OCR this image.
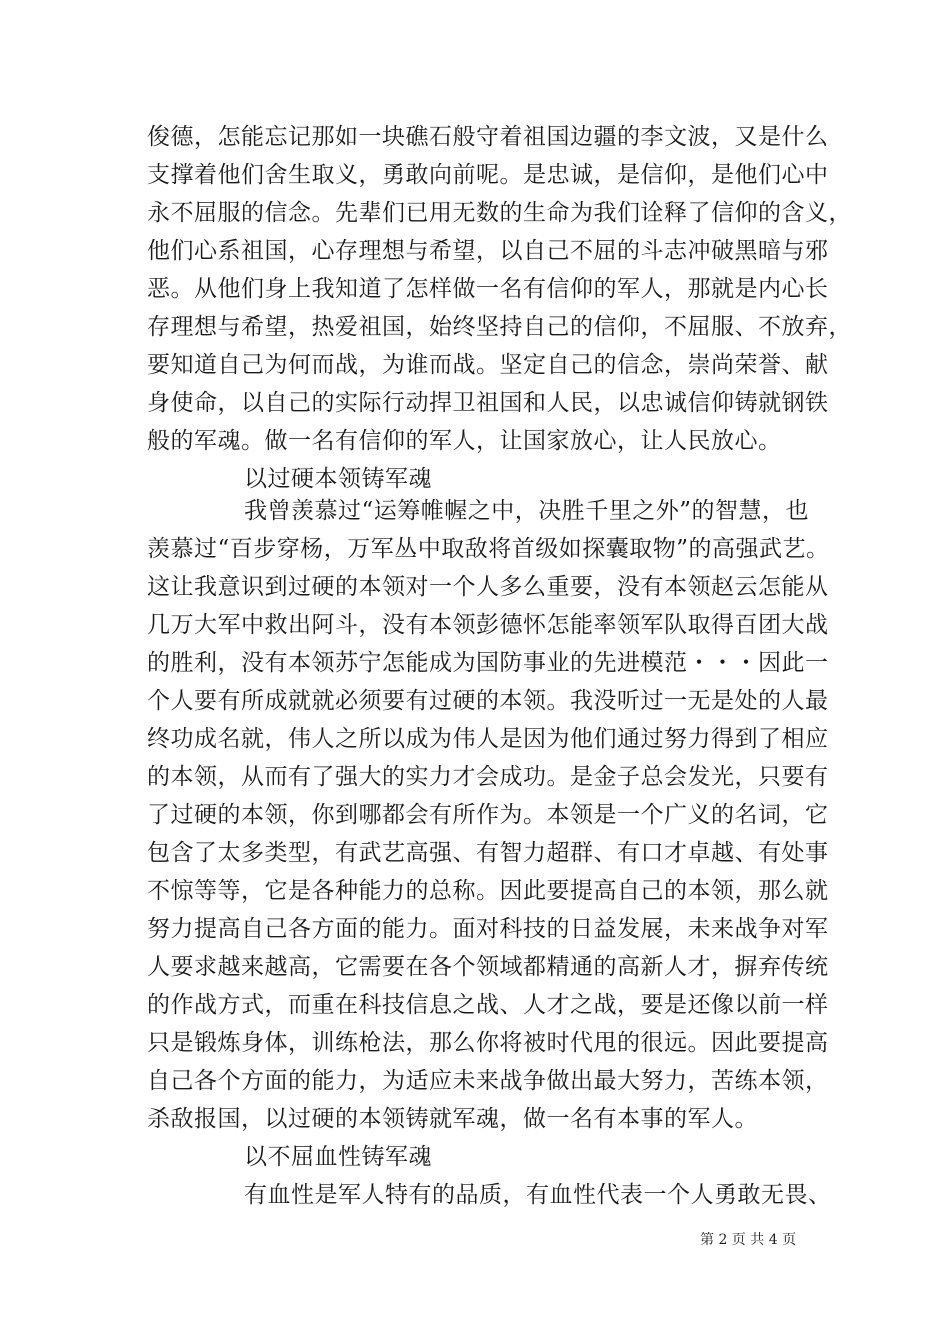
俊德，怎能忘记那如一块礁石般守着祖国边疆的李文波，又是什么
支撑着他们舍生取义，勇敢向前呢。是忠诚，是信仰，是他们心中
永不屈服的信念。先辈们已用无数的生命为我们诠释了信仰的含义，
他们心系祖国，心存理想与希望，以自己不屈的斗志冲破黑暗与邪
恶。从他们身上我知道了怎样做一名有信仰的军人，那就是内心长
存理想与希望，热爱祖国，始终坚持自己的信仰，不屈服、不放弃，
要知道自己为何而战，为谁而战。坚定自己的信念，崇尚荣誉、献
身使命，以自己的实际行动捍卫祖国和人民，以忠诚信仰铸就钢铁
般的军魂。做一名有信仰的军人，让国家放心，让人民放心。
以过硬本领铸军魂
我曾羡慕过“运筹帷幄之中，决胜千里之外”的智慧，也
羡慕过“百步穿杨，万军丛中取敌将首级如探囊取物”的高强武艺。
这让我意识到过硬的本领对一个人多么重要，没有本领赵云怎能从
几万大军中救出阿斗，没有本领彭德怀怎能率领军队取得百团大战
的胜利，没有本领苏宁怎能成为国防事业的先进模范・・・因此一
个人要有所成就就必须要有过硬的本领。我没听过一无是处的人最
终功成名就，伟人之所以成为伟人是因为他们通过努力得到了相应
的本领，从而有了强大的实力才会成功。是金子总会发光，只要有
了过硬的本领，你到哪都会有所作为。本领是一个广义的名词，它
包含了太多类型，有武艺高强、有智力超群、有口才卓越、有处事
不惊等等，它是各种能力的总称。因此要提高自己的本领，那么就
努力提高自己各方面的能力。面对科技的日益发展，未来战争对军
人要求越来越高，它需要在各个领域都精通的高新人才，摒弃传统
的作战方式，而重在科技信息之战、人才之战，要是还像以前一样
只是锻炼身体，训练枪法，那么你将被时代甩的很远。因此要提高
自己各个方面的能力，为适应未来战争做出最大努力，苦练本领，
杀敌报国，以过硬的本领铸就军魂，做一名有本事的军人。
以不屈血性铸军魂
有血性是军人特有的品质，有血性代表一个人勇敢无畏、
第 2 页 共 4 页
